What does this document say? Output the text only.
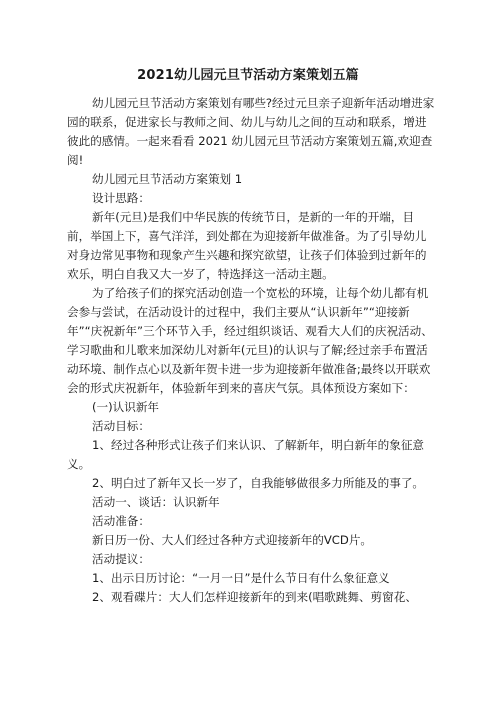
2021幼儿园元旦节活动方案策划五篇

幼儿园元旦节活动方案策划有哪些?经过元旦亲子迎新年活动增进家园的联系，促进家长与教师之间、幼儿与幼儿之间的互动和联系，增进彼此的感情。一起来看看 2021 幼儿园元旦节活动方案策划五篇,欢迎查阅!

幼儿园元旦节活动方案策划 1

设计思路：

新年(元旦)是我们中华民族的传统节日，是新的一年的开端，目前，举国上下，喜气洋洋，到处都在为迎接新年做准备。为了引导幼儿对身边常见事物和现象产生兴趣和探究欲望，让孩子们体验到过新年的欢乐，明白自我又大一岁了，特选择这一活动主题。

为了给孩子们的探究活动创造一个宽松的环境，让每个幼儿都有机会参与尝试，在活动设计的过程中，我们主要从“认识新年”“迎接新年”“庆祝新年”三个环节入手，经过组织谈话、观看大人们的庆祝活动、学习歌曲和儿歌来加深幼儿对新年(元旦)的认识与了解;经过亲手布置活动环境、制作点心以及新年贺卡进一步为迎接新年做准备;最终以开联欢会的形式庆祝新年，体验新年到来的喜庆气氛。具体预设方案如下：

(一)认识新年

活动目标：

1、经过各种形式让孩子们来认识、了解新年，明白新年的象征意义。

2、明白过了新年又长一岁了，自我能够做很多力所能及的事了。

活动一、谈话：认识新年

活动准备：

新日历一份、大人们经过各种方式迎接新年的VCD片。

活动提议：

1、出示日历讨论：“一月一日”是什么节日有什么象征意义

2、观看碟片：大人们怎样迎接新年的到来(唱歌跳舞、剪窗花、
